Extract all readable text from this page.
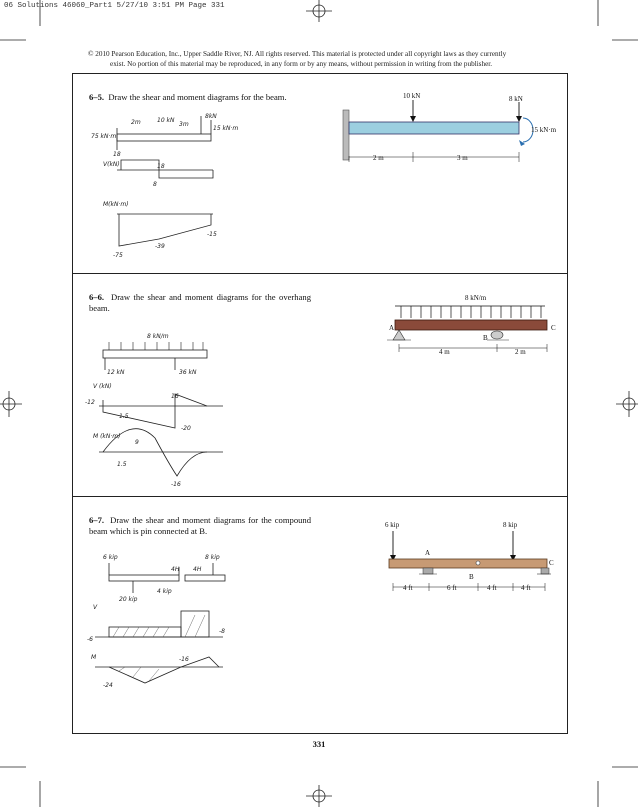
06 Solutions 46060_Part1 5/27/10 3:51 PM Page 331
© 2010 Pearson Education, Inc., Upper Saddle River, NJ. All rights reserved. This material is protected under all copyright laws as they currently
exist. No portion of this material may be reproduced, in any form or by any means, without permission in writing from the publisher.
6–5. Draw the shear and moment diagrams for the beam.	10 kN	8 kN
15 kN·m
2 m	3 m
2m	10 kN
3m
8kN
15 kN·m
75 kN·m
18
V(kN)	18
8
M(kN·m)
-15
-39
-75
6–6. Draw the shear and moment diagrams for the overhang beam.
8 kN/m
A
B
C
4 m	2 m
8 kN/m
12 kN	36 kN
V (kN)
-12
16
1.5
-20
M (kN·m)
9
1.5
-16
6–7. Draw the shear and moment diagrams for the compound beam which is pin connected at B.
6 kip	8 kip
A
B
C
4 ft	6 ft	4 ft	4 ft
6 kip	8 kip
4H 4H
20 kip
4 kip
V
-6
-8
M
-24
-16
331
